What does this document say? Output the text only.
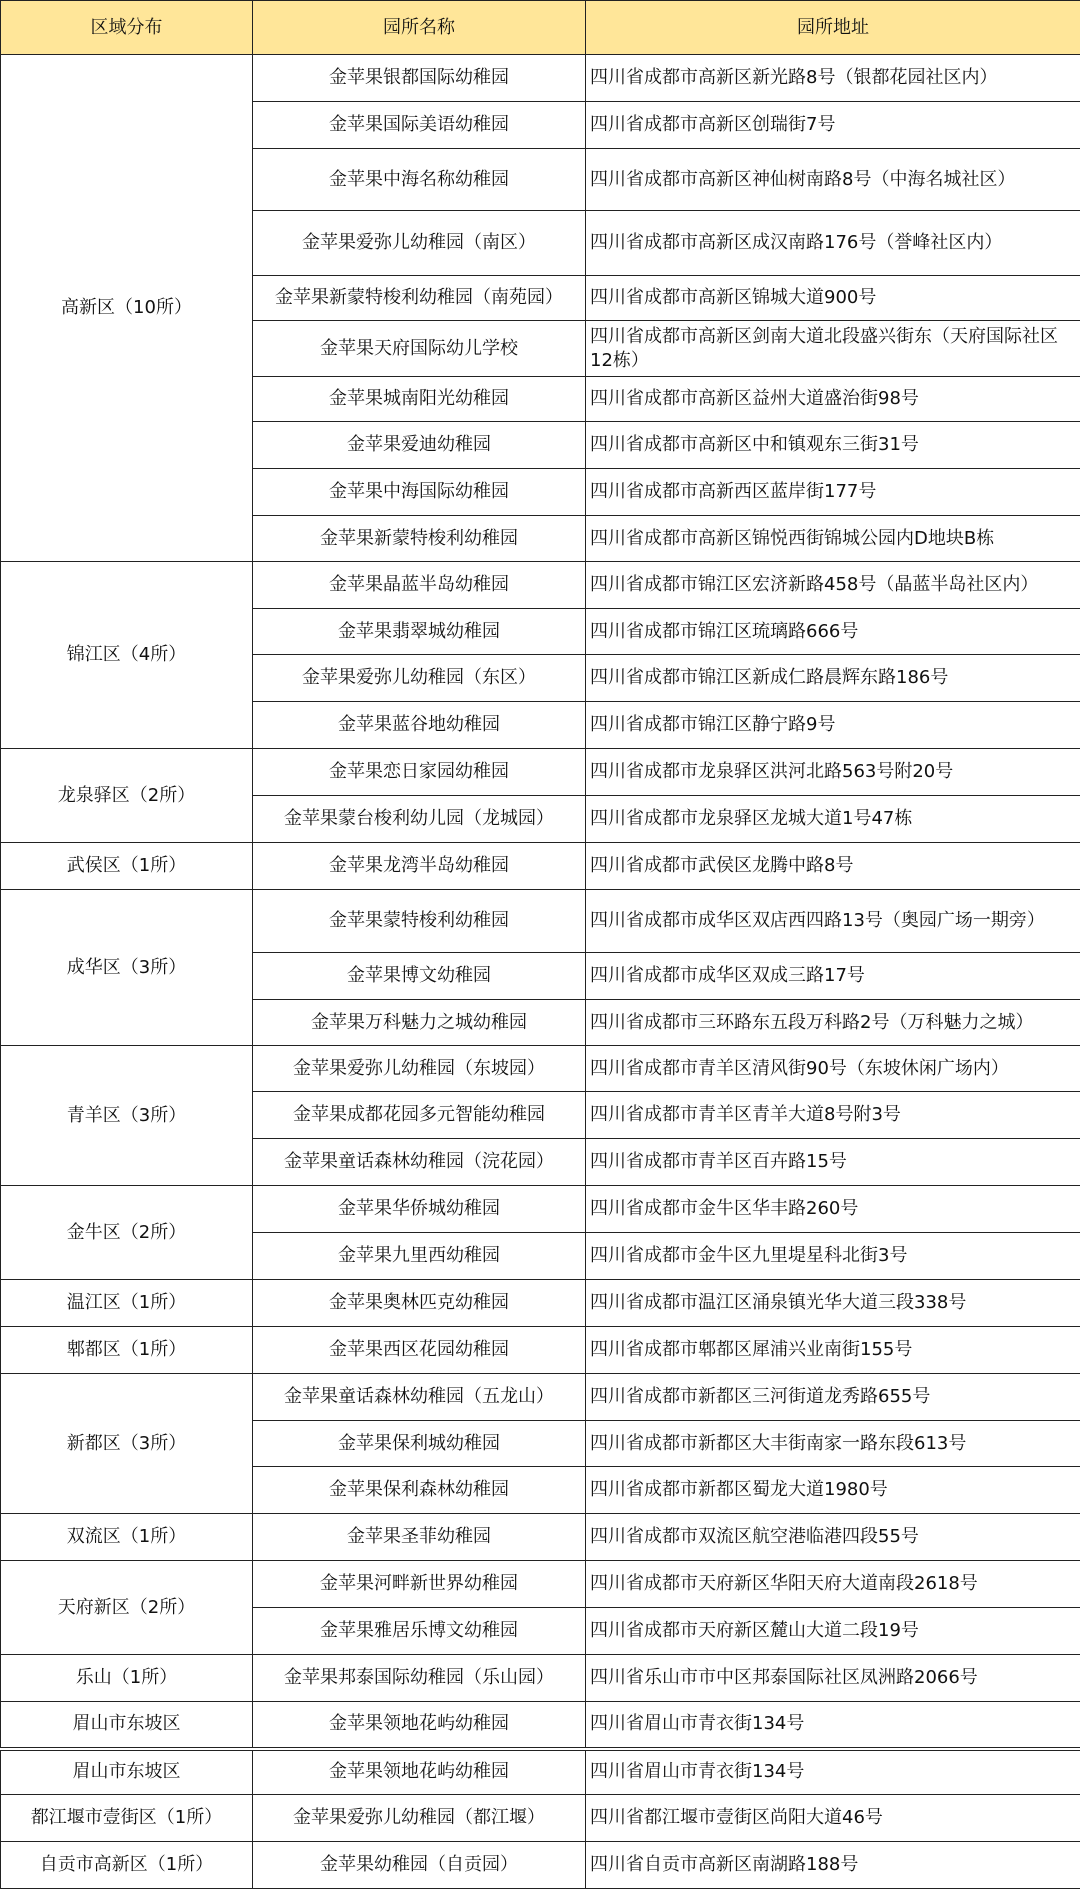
区域分布	园所名称	园所地址
高新区（10所）	金苹果银都国际幼稚园	四川省成都市高新区新光路8号（银都花园社区内）
	金苹果国际美语幼稚园	四川省成都市高新区创瑞街7号
	金苹果中海名称幼稚园	四川省成都市高新区神仙树南路8号（中海名城社区）
	金苹果爱弥儿幼稚园（南区）	四川省成都市高新区成汉南路176号（誉峰社区内）
	金苹果新蒙特梭利幼稚园（南苑园）	四川省成都市高新区锦城大道900号
	金苹果天府国际幼儿学校	四川省成都市高新区剑南大道北段盛兴街东（天府国际社区12栋）
	金苹果城南阳光幼稚园	四川省成都市高新区益州大道盛治街98号
	金苹果爱迪幼稚园	四川省成都市高新区中和镇观东三街31号
	金苹果中海国际幼稚园	四川省成都市高新西区蓝岸街177号
	金苹果新蒙特梭利幼稚园	四川省成都市高新区锦悦西街锦城公园内D地块B栋
锦江区（4所）	金苹果晶蓝半岛幼稚园	四川省成都市锦江区宏济新路458号（晶蓝半岛社区内）
	金苹果翡翠城幼稚园	四川省成都市锦江区琉璃路666号
	金苹果爱弥儿幼稚园（东区）	四川省成都市锦江区新成仁路晨辉东路186号
	金苹果蓝谷地幼稚园	四川省成都市锦江区静宁路9号
龙泉驿区（2所）	金苹果恋日家园幼稚园	四川省成都市龙泉驿区洪河北路563号附20号
	金苹果蒙台梭利幼儿园（龙城园）	四川省成都市龙泉驿区龙城大道1号47栋
武侯区（1所）	金苹果龙湾半岛幼稚园	四川省成都市武侯区龙腾中路8号
成华区（3所）	金苹果蒙特梭利幼稚园	四川省成都市成华区双店西四路13号（奥园广场一期旁）
	金苹果博文幼稚园	四川省成都市成华区双成三路17号
	金苹果万科魅力之城幼稚园	四川省成都市三环路东五段万科路2号（万科魅力之城）
青羊区（3所）	金苹果爱弥儿幼稚园（东坡园）	四川省成都市青羊区清风街90号（东坡休闲广场内）
	金苹果成都花园多元智能幼稚园	四川省成都市青羊区青羊大道8号附3号
	金苹果童话森林幼稚园（浣花园）	四川省成都市青羊区百卉路15号
金牛区（2所）	金苹果华侨城幼稚园	四川省成都市金牛区华丰路260号
	金苹果九里西幼稚园	四川省成都市金牛区九里堤星科北街3号
温江区（1所）	金苹果奥林匹克幼稚园	四川省成都市温江区涌泉镇光华大道三段338号
郫都区（1所）	金苹果西区花园幼稚园	四川省成都市郫都区犀浦兴业南街155号
新都区（3所）	金苹果童话森林幼稚园（五龙山）	四川省成都市新都区三河街道龙秀路655号
	金苹果保利城幼稚园	四川省成都市新都区大丰街南家一路东段613号
	金苹果保利森林幼稚园	四川省成都市新都区蜀龙大道1980号
双流区（1所）	金苹果圣菲幼稚园	四川省成都市双流区航空港临港四段55号
天府新区（2所）	金苹果河畔新世界幼稚园	四川省成都市天府新区华阳天府大道南段2618号
	金苹果雅居乐博文幼稚园	四川省成都市天府新区麓山大道二段19号
乐山（1所）	金苹果邦泰国际幼稚园（乐山园）	四川省乐山市市中区邦泰国际社区凤洲路2066号
眉山市东坡区	金苹果领地花屿幼稚园	四川省眉山市青衣街134号
眉山市东坡区	金苹果领地花屿幼稚园	四川省眉山市青衣街134号
都江堰市壹街区（1所）	金苹果爱弥儿幼稚园（都江堰）	四川省都江堰市壹街区尚阳大道46号
自贡市高新区（1所）	金苹果幼稚园（自贡园）	四川省自贡市高新区南湖路188号
